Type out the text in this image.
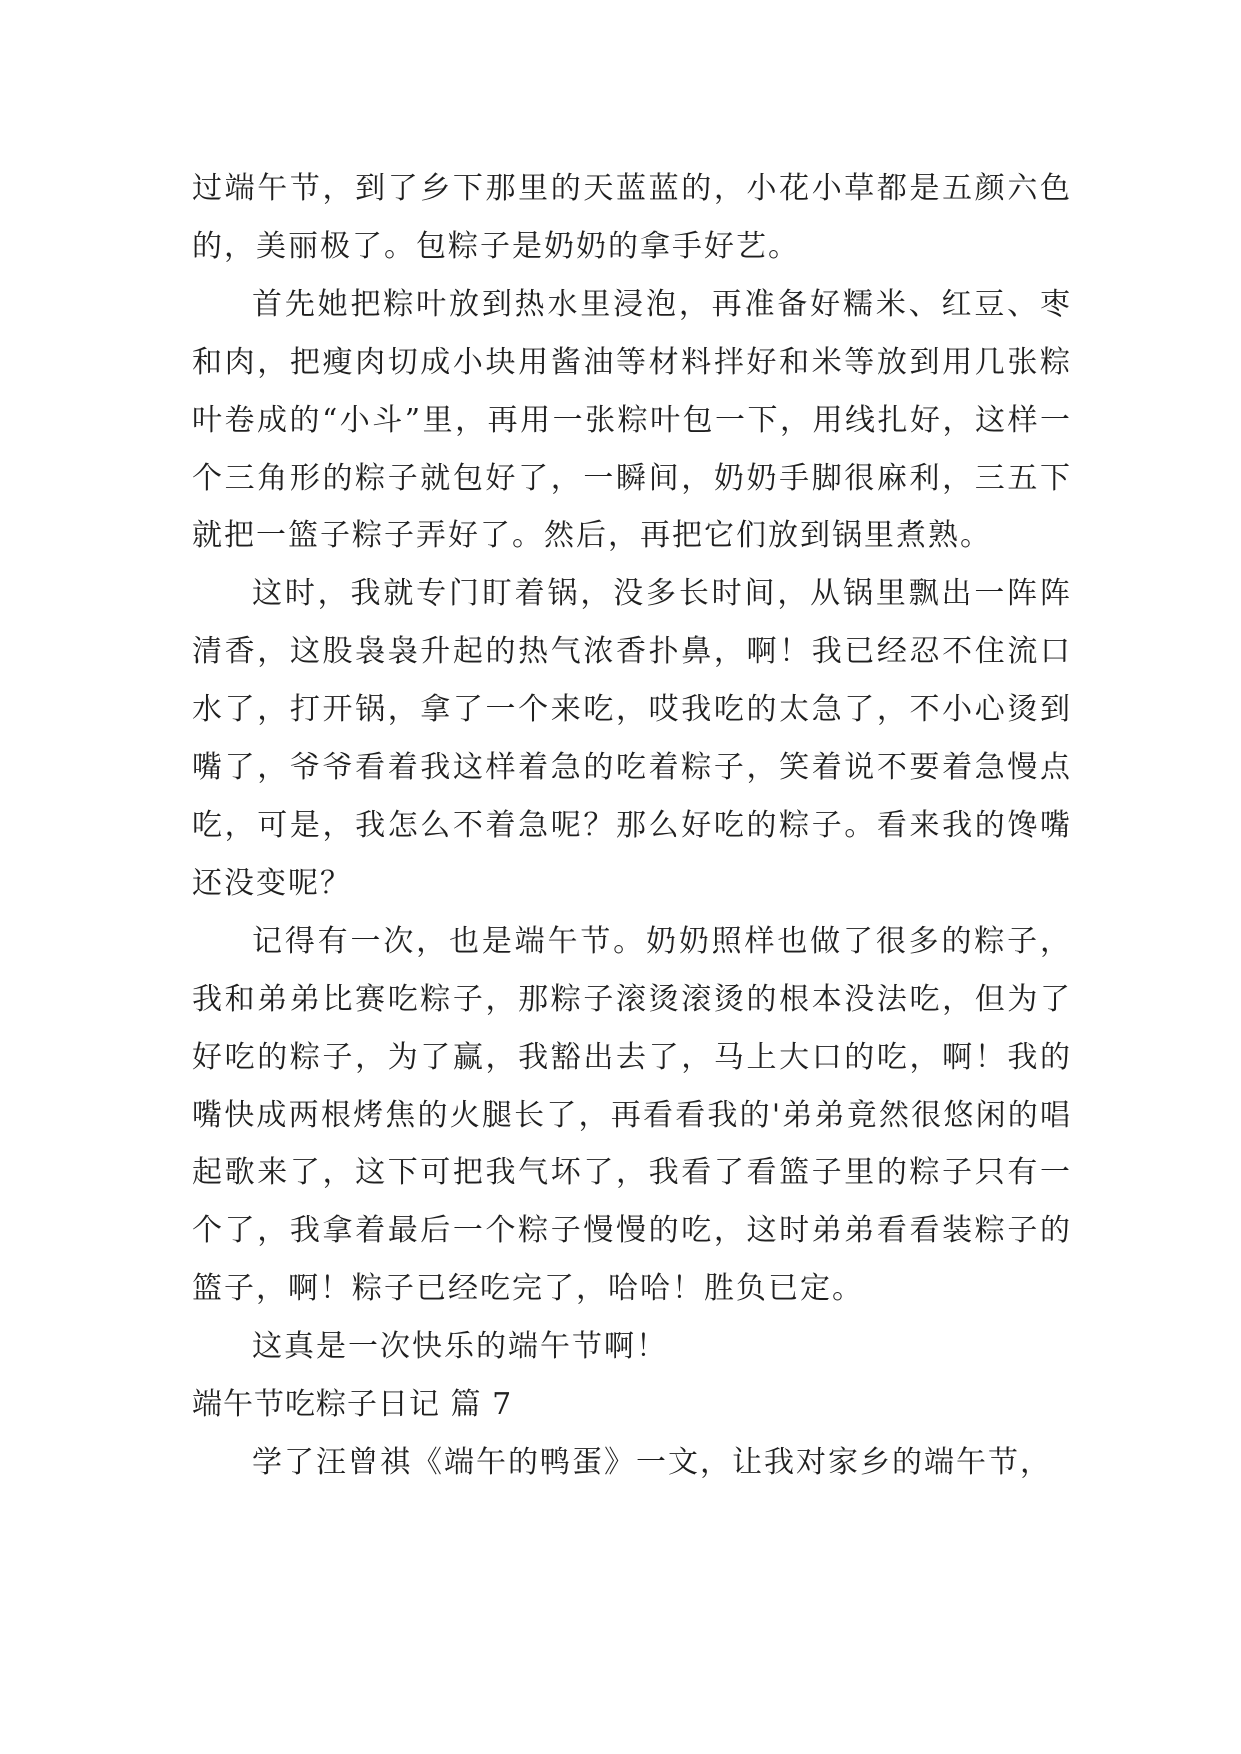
过端午节，到了乡下那里的天蓝蓝的，小花小草都是五颜六色的，美丽极了。包粽子是奶奶的拿手好艺。

首先她把粽叶放到热水里浸泡，再准备好糯米、红豆、枣和肉，把瘦肉切成小块用酱油等材料拌好和米等放到用几张粽叶卷成的“小斗”里，再用一张粽叶包一下，用线扎好，这样一个三角形的粽子就包好了，一瞬间，奶奶手脚很麻利，三五下就把一篮子粽子弄好了。然后，再把它们放到锅里煮熟。

这时，我就专门盯着锅，没多长时间，从锅里飘出一阵阵清香，这股袅袅升起的热气浓香扑鼻，啊！我已经忍不住流口水了，打开锅，拿了一个来吃，哎我吃的太急了，不小心烫到嘴了，爷爷看着我这样着急的吃着粽子，笑着说不要着急慢点吃，可是，我怎么不着急呢？那么好吃的粽子。看来我的馋嘴还没变呢？

记得有一次，也是端午节。奶奶照样也做了很多的粽子，我和弟弟比赛吃粽子，那粽子滚烫滚烫的根本没法吃，但为了好吃的粽子，为了赢，我豁出去了，马上大口的吃，啊！我的嘴快成两根烤焦的火腿长了，再看看我的'弟弟竟然很悠闲的唱起歌来了，这下可把我气坏了，我看了看篮子里的粽子只有一个了，我拿着最后一个粽子慢慢的吃，这时弟弟看看装粽子的篮子，啊！粽子已经吃完了，哈哈！胜负已定。

这真是一次快乐的端午节啊！

端午节吃粽子日记 篇 7

学了汪曾祺《端午的鸭蛋》一文，让我对家乡的端午节，
